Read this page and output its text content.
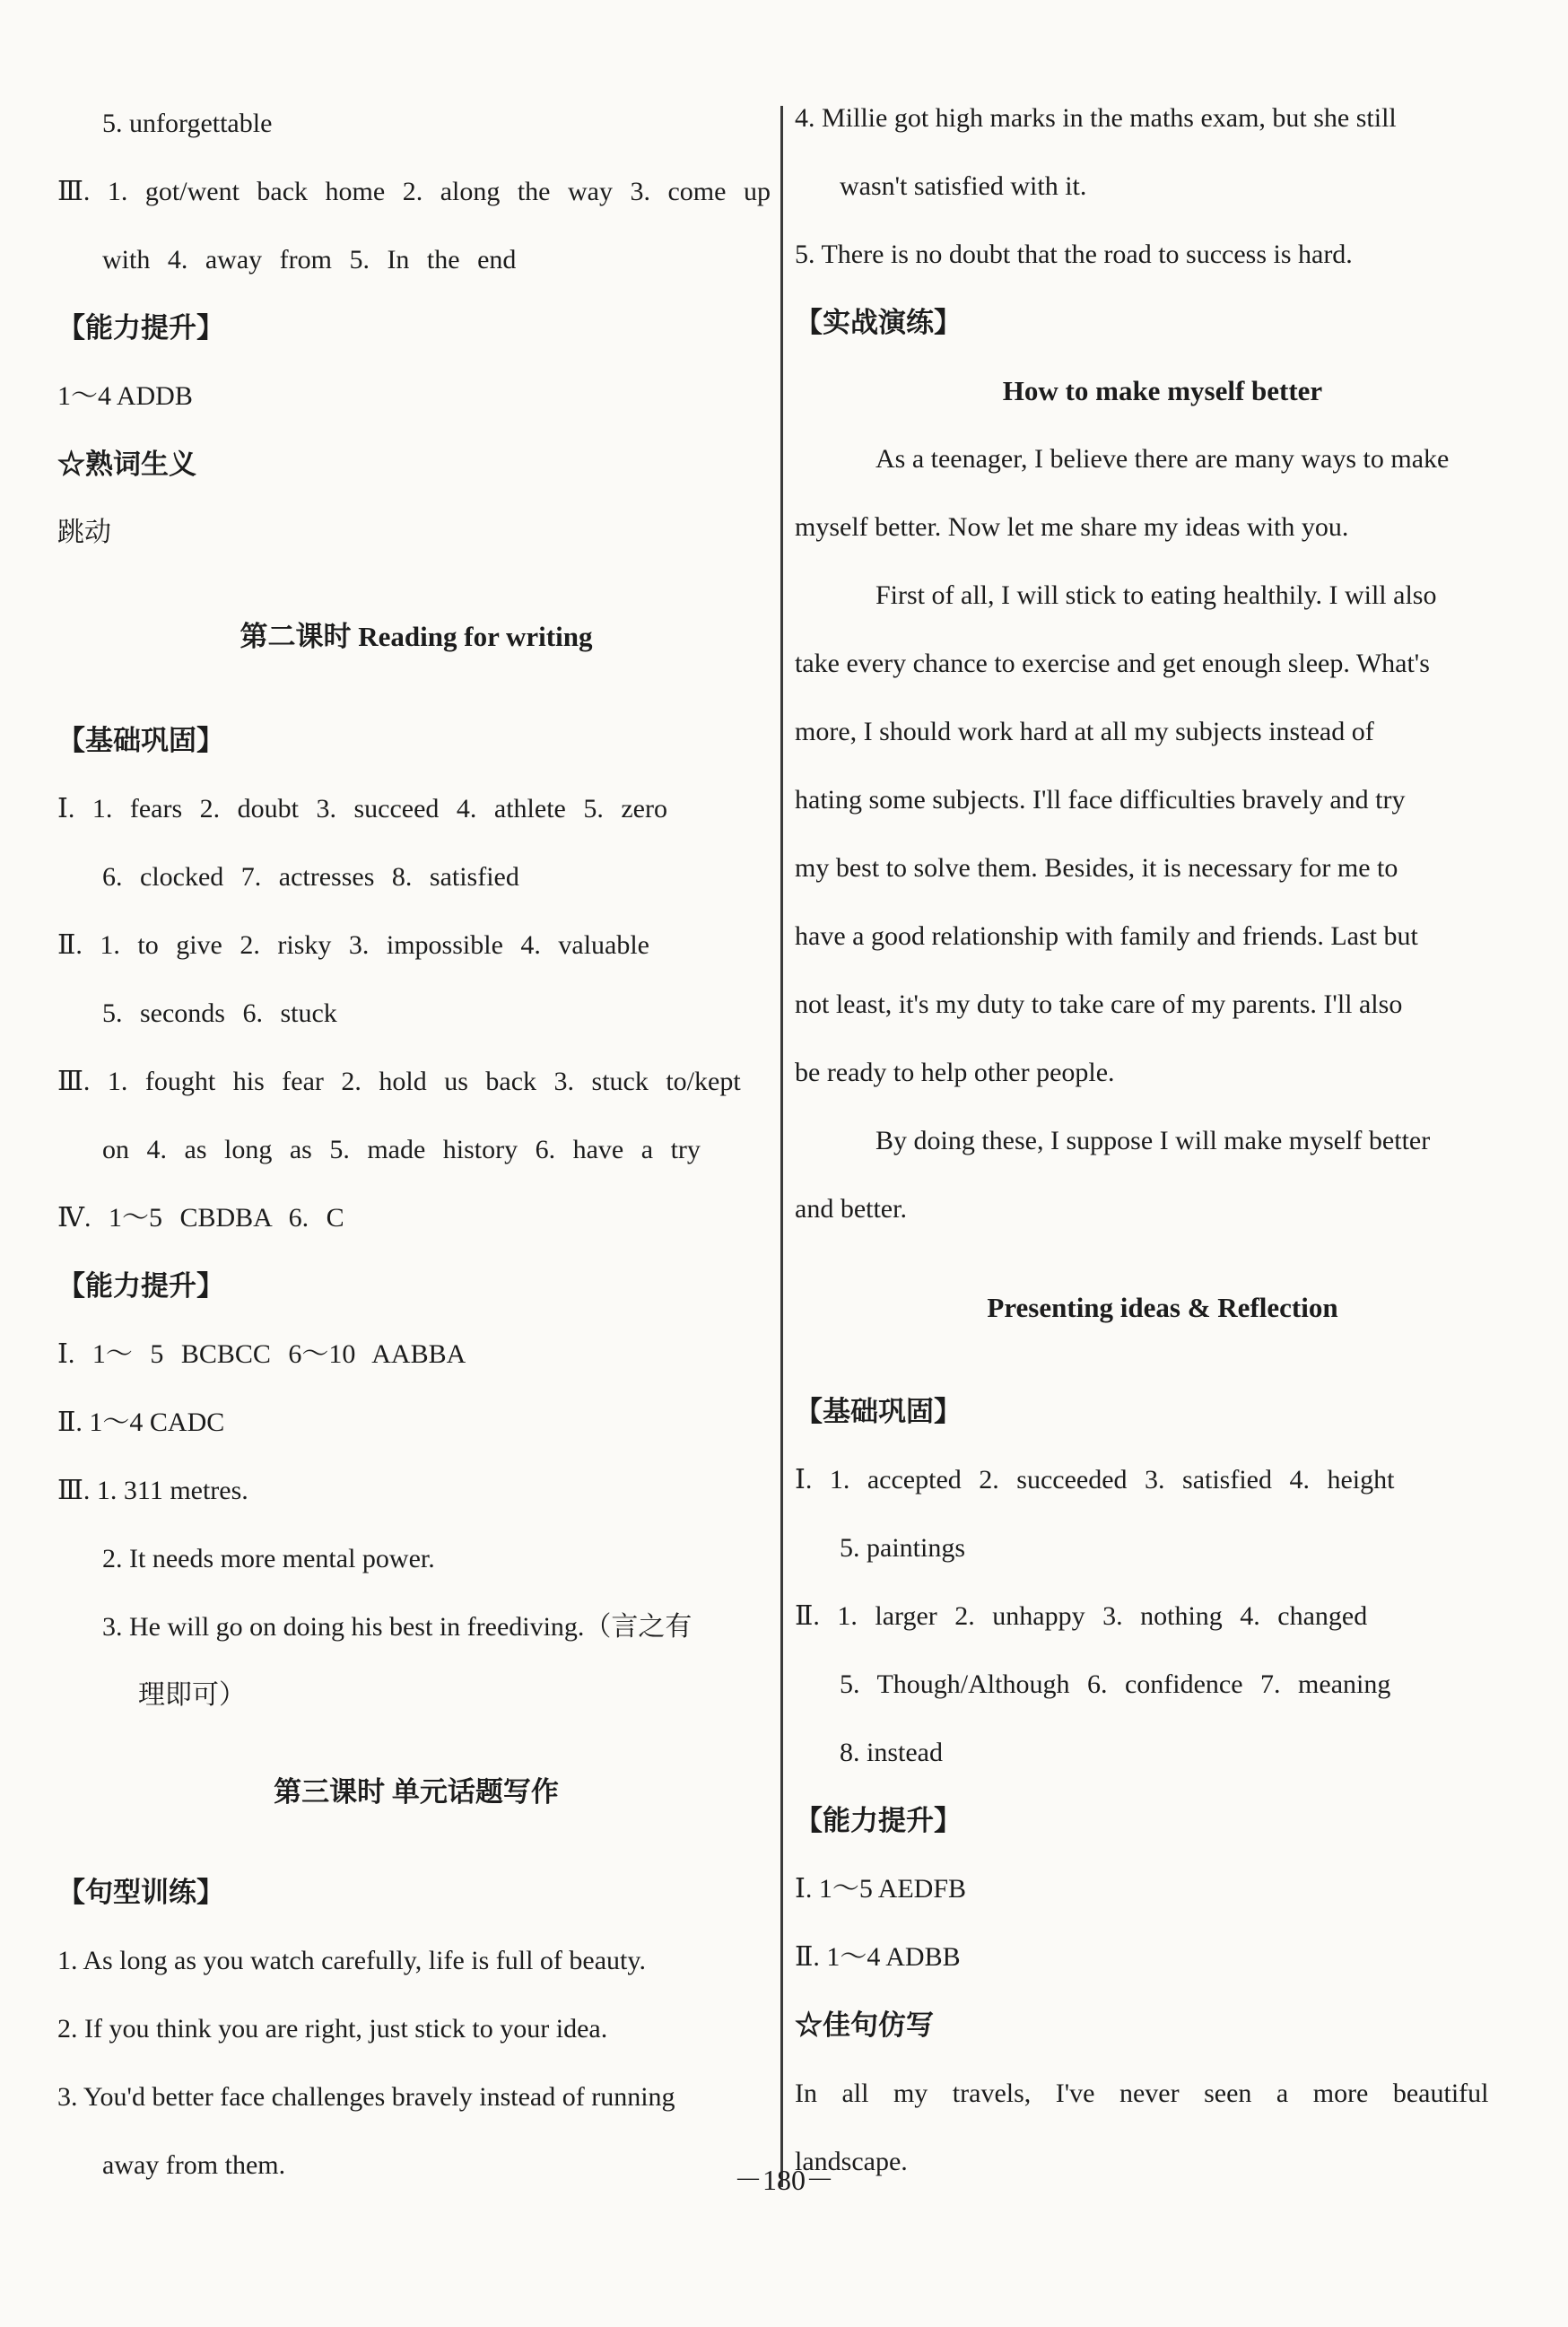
5. unforgettable
Ⅲ. 1. got/went back home 2. along the way 3. come up
with 4. away from 5. In the end
【能力提升】
1～4 ADDB
☆熟词生义
跳动
第二课时 Reading for writing
【基础巩固】
Ⅰ. 1. fears 2. doubt 3. succeed 4. athlete 5. zero
6. clocked 7. actresses 8. satisfied
Ⅱ. 1. to give 2. risky 3. impossible 4. valuable
5. seconds 6. stuck
Ⅲ. 1. fought his fear 2. hold us back 3. stuck to/kept
on 4. as long as 5. made history 6. have a try
Ⅳ. 1～5 CBDBA 6. C
【能力提升】
Ⅰ. 1～ 5 BCBCC 6～10 AABBA
Ⅱ. 1～4 CADC
Ⅲ. 1. 311 metres.
2. It needs more mental power.
3. He will go on doing his best in freediving.（言之有
理即可）
第三课时 单元话题写作
【句型训练】
1. As long as you watch carefully, life is full of beauty.
2. If you think you are right, just stick to your idea.
3. You'd better face challenges bravely instead of running
away from them.
4. Millie got high marks in the maths exam, but she still
wasn't satisfied with it.
5. There is no doubt that the road to success is hard.
【实战演练】
How to make myself better
As a teenager, I believe there are many ways to make
myself better. Now let me share my ideas with you.
First of all, I will stick to eating healthily. I will also
take every chance to exercise and get enough sleep. What's
more, I should work hard at all my subjects instead of
hating some subjects. I'll face difficulties bravely and try
my best to solve them. Besides, it is necessary for me to
have a good relationship with family and friends. Last but
not least, it's my duty to take care of my parents. I'll also
be ready to help other people.
By doing these, I suppose I will make myself better
and better.
Presenting ideas & Reflection
【基础巩固】
Ⅰ. 1. accepted 2. succeeded 3. satisfied 4. height
5. paintings
Ⅱ. 1. larger 2. unhappy 3. nothing 4. changed
5. Though/Although 6. confidence 7. meaning
8. instead
【能力提升】
Ⅰ. 1～5 AEDFB
Ⅱ. 1～4 ADBB
☆佳句仿写
In all my travels, I've never seen a more beautiful
landscape.
－180－
